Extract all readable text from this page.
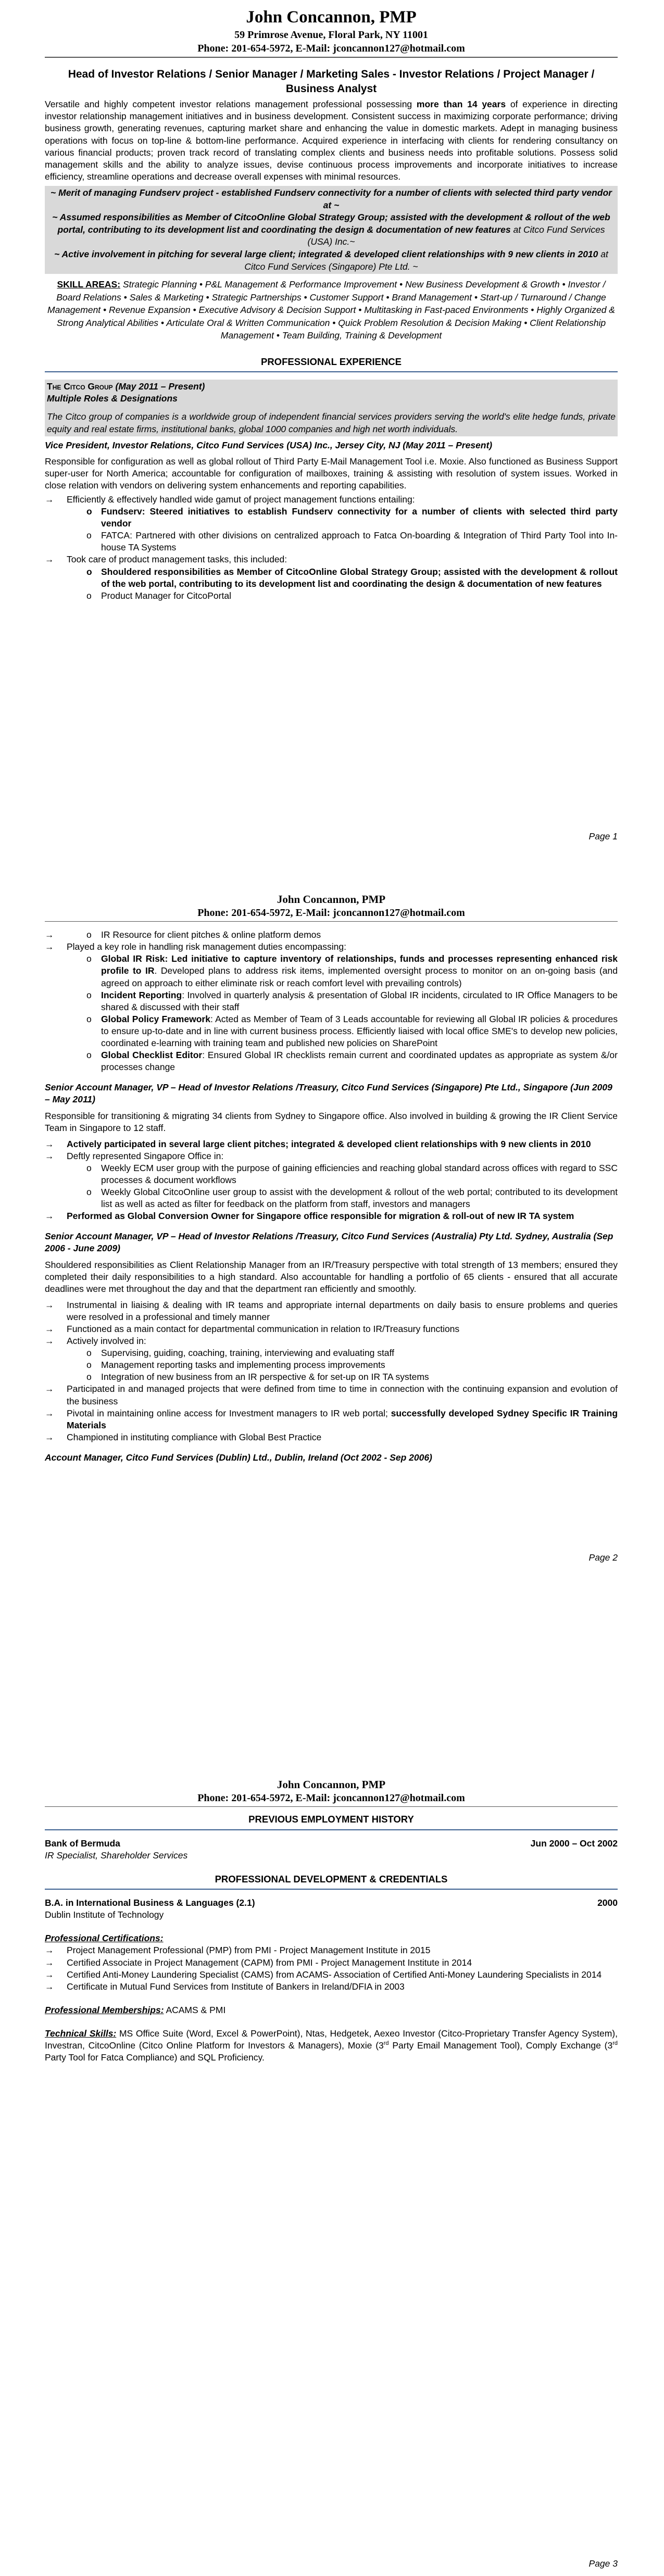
John Concannon, PMP
59 Primrose Avenue, Floral Park, NY 11001
Phone: 201-654-5972, E-Mail: jconcannon127@hotmail.com
Head of Investor Relations / Senior Manager / Marketing Sales - Investor Relations / Project Manager / Business Analyst
Versatile and highly competent investor relations management professional possessing more than 14 years of experience in directing investor relationship management initiatives and in business development. Consistent success in maximizing corporate performance; driving business growth, generating revenues, capturing market share and enhancing the value in domestic markets. Adept in managing business operations with focus on top-line & bottom-line performance. Acquired experience in interfacing with clients for rendering consultancy on various financial products; proven track record of translating complex clients and business needs into profitable solutions. Possess solid management skills and the ability to analyze issues, devise continuous process improvements and incorporate initiatives to increase efficiency, streamline operations and decrease overall expenses with minimal resources.
~ Merit of managing Fundserv project - established Fundserv connectivity for a number of clients with selected third party vendor at ~
~ Assumed responsibilities as Member of CitcoOnline Global Strategy Group; assisted with the development & rollout of the web portal, contributing to its development list and coordinating the design & documentation of new features at Citco Fund Services (USA) Inc.~
~ Active involvement in pitching for several large client; integrated & developed client relationships with 9 new clients in 2010 at Citco Fund Services (Singapore) Pte Ltd. ~
SKILL AREAS: Strategic Planning • P&L Management & Performance Improvement • New Business Development & Growth • Investor / Board Relations • Sales & Marketing • Strategic Partnerships • Customer Support • Brand Management • Start-up / Turnaround / Change Management • Revenue Expansion • Executive Advisory & Decision Support • Multitasking in Fast-paced Environments • Highly Organized & Strong Analytical Abilities • Articulate Oral & Written Communication • Quick Problem Resolution & Decision Making • Client Relationship Management • Team Building, Training & Development
PROFESSIONAL EXPERIENCE
The Citco Group (May 2011 – Present)
Multiple Roles & Designations
The Citco group of companies is a worldwide group of independent financial services providers serving the world's elite hedge funds, private equity and real estate firms, institutional banks, global 1000 companies and high net worth individuals.
Vice President, Investor Relations, Citco Fund Services (USA) Inc., Jersey City, NJ (May 2011 – Present)
Responsible for configuration as well as global rollout of Third Party E-Mail Management Tool i.e. Moxie. Also functioned as Business Support super-user for North America; accountable for configuration of mailboxes, training & assisting with resolution of system issues. Worked in close relation with vendors on delivering system enhancements and reporting capabilities.
→ Efficiently & effectively handled wide gamut of project management functions entailing:
o Fundserv: Steered initiatives to establish Fundserv connectivity for a number of clients with selected third party vendor
o FATCA: Partnered with other divisions on centralized approach to Fatca On-boarding & Integration of Third Party Tool into In-house TA Systems
→ Took care of product management tasks, this included:
o Shouldered responsibilities as Member of CitcoOnline Global Strategy Group; assisted with the development & rollout of the web portal, contributing to its development list and coordinating the design & documentation of new features
o Product Manager for CitcoPortal
Page 1
John Concannon, PMP
Phone: 201-654-5972, E-Mail: jconcannon127@hotmail.com
o → IR Resource for client pitches & online platform demos
→ Played a key role in handling risk management duties encompassing:
o Global IR Risk: Led initiative to capture inventory of relationships, funds and processes representing enhanced risk profile to IR. Developed plans to address risk items, implemented oversight process to monitor on an on-going basis (and agreed on approach to either eliminate risk or reach comfort level with prevailing controls)
o Incident Reporting: Involved in quarterly analysis & presentation of Global IR incidents, circulated to IR Office Managers to be shared & discussed with their staff
o Global Policy Framework: Acted as Member of Team of 3 Leads accountable for reviewing all Global IR policies & procedures to ensure up-to-date and in line with current business process. Efficiently liaised with local office SME's to develop new policies, coordinated e-learning with training team and published new policies on SharePoint
o Global Checklist Editor: Ensured Global IR checklists remain current and coordinated updates as appropriate as system &/or processes change
Senior Account Manager, VP – Head of Investor Relations /Treasury, Citco Fund Services (Singapore) Pte Ltd., Singapore (Jun 2009 – May 2011)
Responsible for transitioning & migrating 34 clients from Sydney to Singapore office. Also involved in building & growing the IR Client Service Team in Singapore to 12 staff.
→ Actively participated in several large client pitches; integrated & developed client relationships with 9 new clients in 2010
→ Deftly represented Singapore Office in:
o Weekly ECM user group with the purpose of gaining efficiencies and reaching global standard across offices with regard to SSC processes & document workflows
o Weekly Global CitcoOnline user group to assist with the development & rollout of the web portal; contributed to its development list as well as acted as filter for feedback on the platform from staff, investors and managers
→ Performed as Global Conversion Owner for Singapore office responsible for migration & roll-out of new IR TA system
Senior Account Manager, VP – Head of Investor Relations /Treasury, Citco Fund Services (Australia) Pty Ltd. Sydney, Australia (Sep 2006 - June 2009)
Shouldered responsibilities as Client Relationship Manager from an IR/Treasury perspective with total strength of 13 members; ensured they completed their daily responsibilities to a high standard. Also accountable for handling a portfolio of 65 clients - ensured that all accurate deadlines were met throughout the day and that the department ran efficiently and smoothly.
→ Instrumental in liaising & dealing with IR teams and appropriate internal departments on daily basis to ensure problems and queries were resolved in a professional and timely manner
→ Functioned as a main contact for departmental communication in relation to IR/Treasury functions
→ Actively involved in:
o Supervising, guiding, coaching, training, interviewing and evaluating staff
o Management reporting tasks and implementing process improvements
o Integration of new business from an IR perspective & for set-up on IR TA systems
→ Participated in and managed projects that were defined from time to time in connection with the continuing expansion and evolution of the business
→ Pivotal in maintaining online access for Investment managers to IR web portal; successfully developed Sydney Specific IR Training Materials
→ Championed in instituting compliance with Global Best Practice
Account Manager, Citco Fund Services (Dublin) Ltd., Dublin, Ireland (Oct 2002 - Sep 2006)
Page 2
John Concannon, PMP
Phone: 201-654-5972, E-Mail: jconcannon127@hotmail.com
PREVIOUS EMPLOYMENT HISTORY
Bank of Bermuda	Jun 2000 – Oct 2002
IR Specialist, Shareholder Services
PROFESSIONAL DEVELOPMENT & CREDENTIALS
B.A. in International Business & Languages (2.1)	2000
Dublin Institute of Technology
Professional Certifications:
→ Project Management Professional (PMP) from PMI - Project Management Institute in 2015
→ Certified Associate in Project Management (CAPM) from PMI - Project Management Institute in 2014
→ Certified Anti-Money Laundering Specialist (CAMS) from ACAMS- Association of Certified Anti-Money Laundering Specialists in 2014
→ Certificate in Mutual Fund Services from Institute of Bankers in Ireland/DFIA in 2003
Professional Memberships: ACAMS & PMI
Technical Skills: MS Office Suite (Word, Excel & PowerPoint), Ntas, Hedgetek, Aexeo Investor (Citco-Proprietary Transfer Agency System), Investran, CitcoOnline (Citco Online Platform for Investors & Managers), Moxie (3rd Party Email Management Tool), Comply Exchange (3rd Party Tool for Fatca Compliance) and SQL Proficiency.
Page 3
